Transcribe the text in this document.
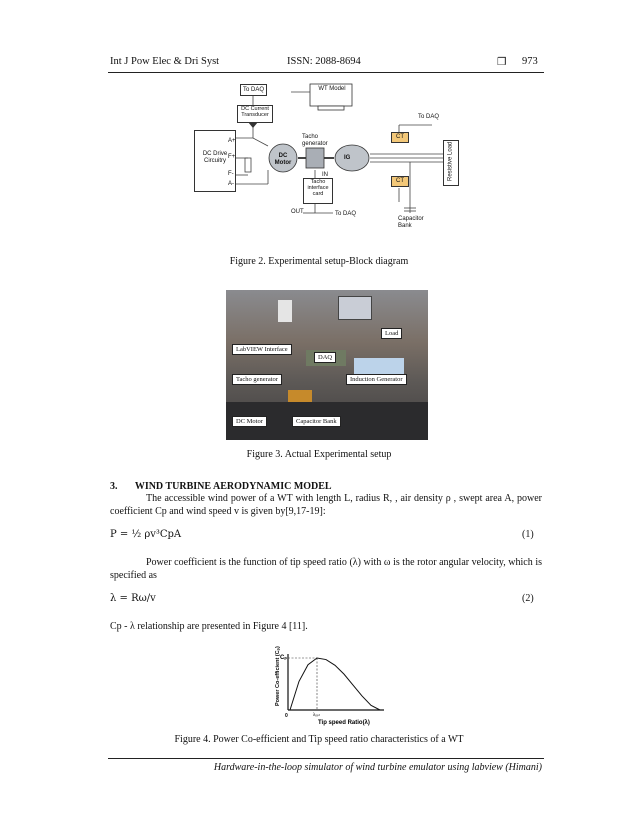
Int J Pow Elec & Dri Syst	ISSN: 2088-8694	❒ 973
To DAQ	WT Model
DC Current Transducer
DC Drive Circuitry
A+
F+
F-
A-
DC Motor
Tacho generator
IG
IN
Tacho interface card
OUT	To DAQ
To DAQ
CT
CT
Resistive Load
Capacitor Bank
Figure 2. Experimental setup-Block diagram
Load
LabVIEW Interface
DAQ
Tacho generator	Induction Generator
DC Motor	Capacitor Bank
Figure 3. Actual Experimental setup
3.       WIND TURBINE AERODYNAMIC MODEL
The accessible wind power of a WT with length L, radius R, , air density ρ , swept area A, power coefficient Cp and wind speed v is given by[9,17-19]:
P = ½ ρv³CpA	(1)
Power coefficient is the function of tip speed ratio (λ) with ω is the rotor angular velocity, which is specified as
λ = Rω/v	(2)
Cp - λ relationship are presented in Figure 4 [11].
Cₚ
0	λₒₚₜ
Tip speed Ratio(λ)
Power Co-efficient (Cₚ)
Figure 4. Power Co-efficient and Tip speed ratio characteristics of a WT
Hardware-in-the-loop simulator of wind turbine emulator using labview (Himani)
